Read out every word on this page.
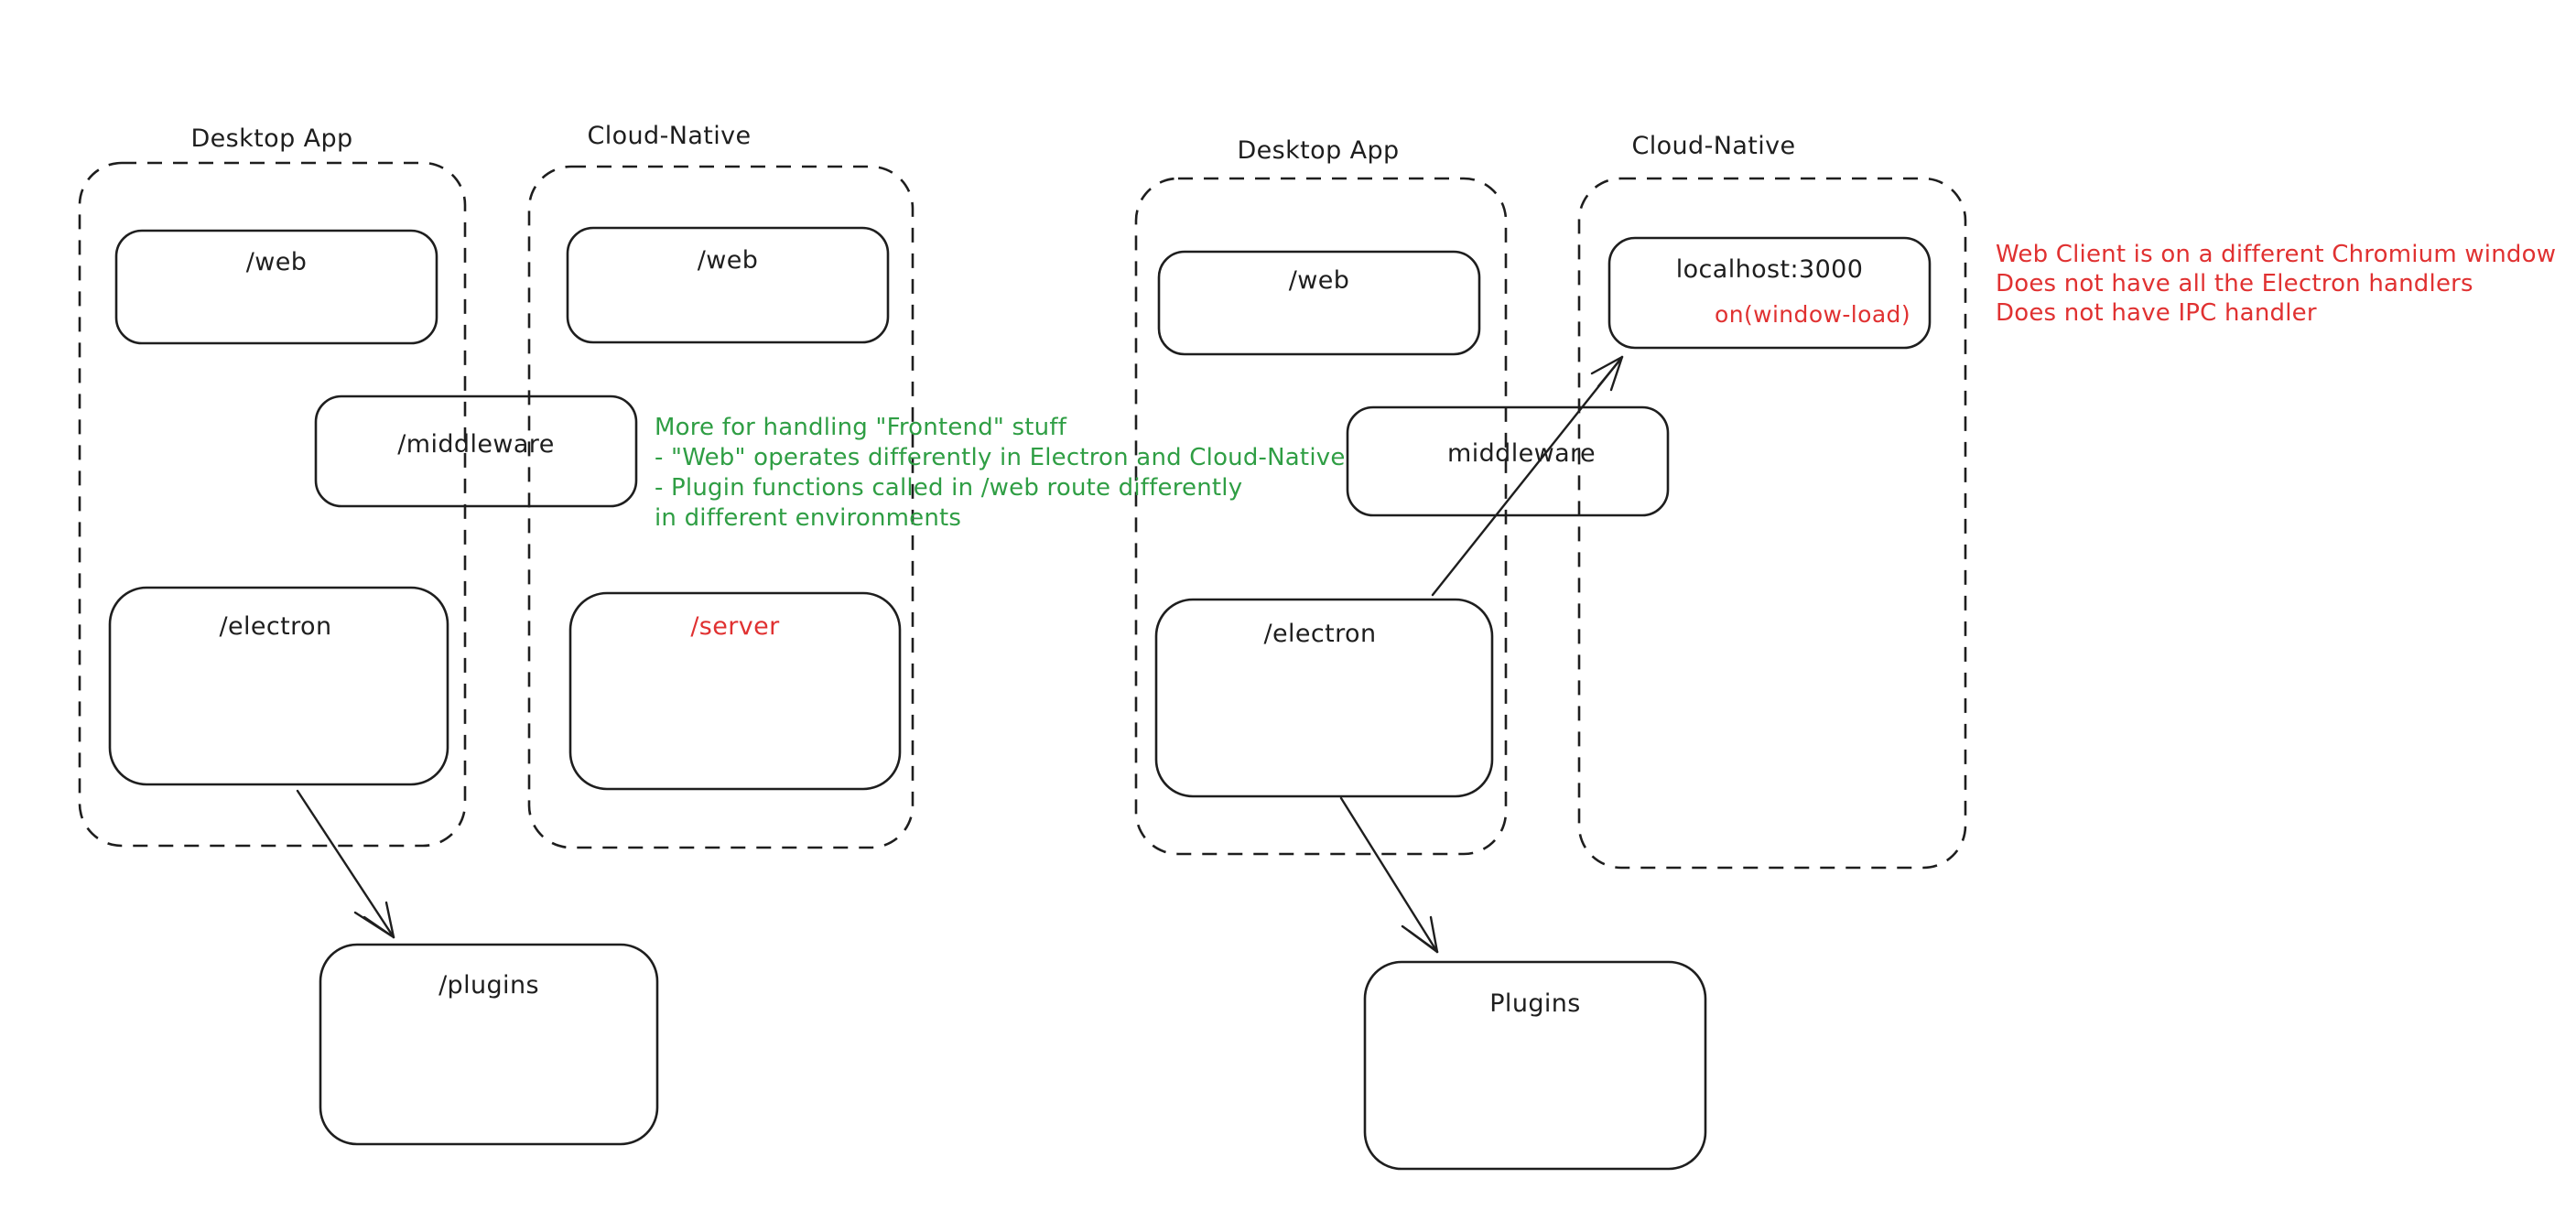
Desktop App	Cloud-Native
/web	/web
/middleware
/electron	/server
/plugins
More for handling "Frontend" stuff
- "Web" operates differently in Electron and Cloud-Native
- Plugin functions called in /web route differently
in different environments
Desktop App	Cloud-Native
/web	localhost:3000
on(window-load)
middleware
/electron
Plugins
Web Client is on a different Chromium window
Does not have all the Electron handlers
Does not have IPC handler
